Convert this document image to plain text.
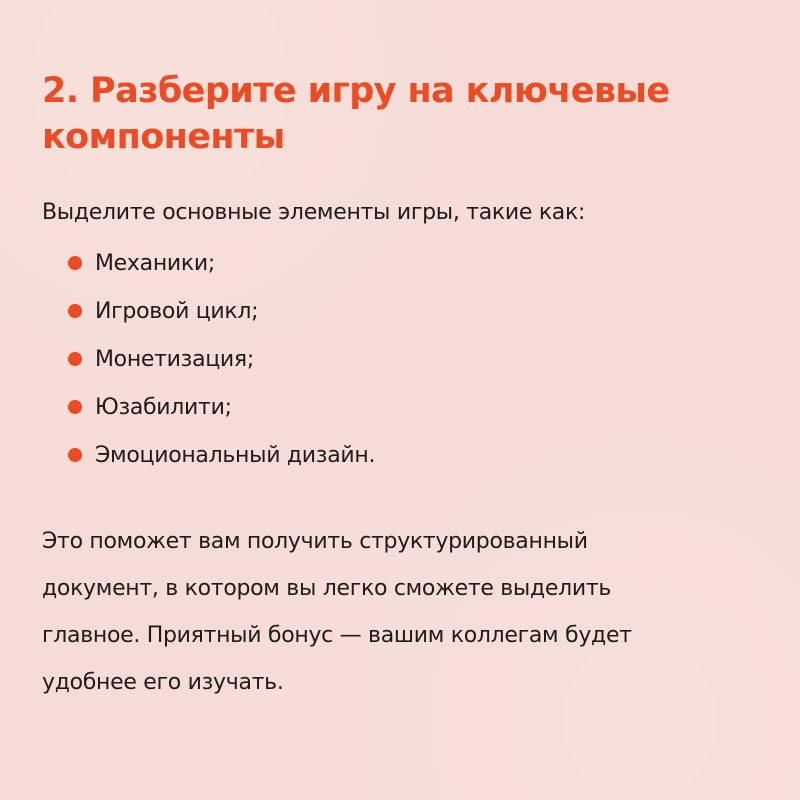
2. Разберите игру на ключевые
компоненты

Выделите основные элементы игры, такие как:

Механики;
Игровой цикл;
Монетизация;
Юзабилити;
Эмоциональный дизайн.

Это поможет вам получить структурированный
документ, в котором вы легко сможете выделить
главное. Приятный бонус — вашим коллегам будет
удобнее его изучать.
